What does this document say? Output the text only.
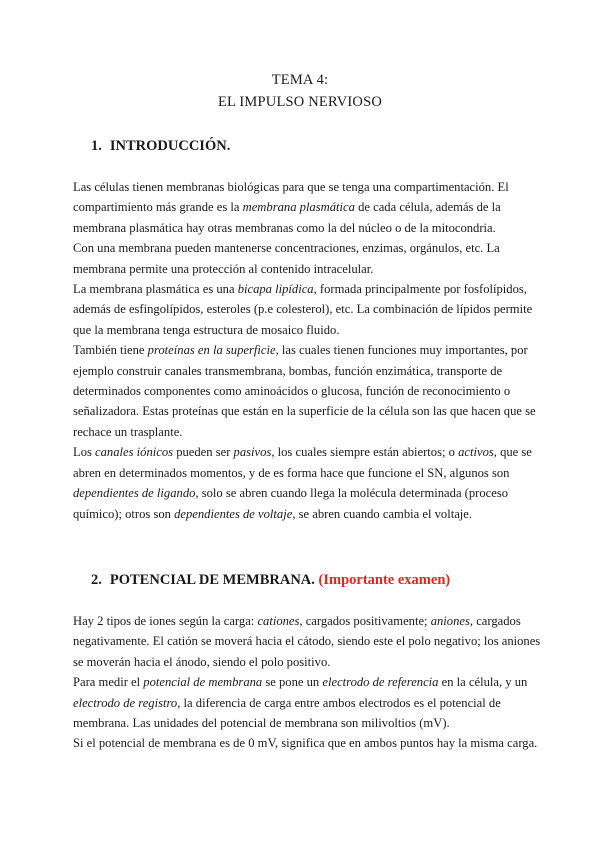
TEMA 4:
EL IMPULSO NERVIOSO
1. INTRODUCCIÓN.

Las células tienen membranas biológicas para que se tenga una compartimentación. El

compartimiento más grande es la membrana plasmática de cada célula, además de la

membrana plasmática hay otras membranas como la del núcleo o de la mitocondria.

Con una membrana pueden mantenerse concentraciones, enzimas, orgánulos, etc. La

membrana permite una protección al contenido intracelular.

La membrana plasmática es una bicapa lipídica, formada principalmente por fosfolípidos,

además de esfingolípidos, esteroles (p.e colesterol), etc. La combinación de lípidos permite

que la membrana tenga estructura de mosaico fluido.

También tiene proteínas en la superficie, las cuales tienen funciones muy importantes, por

ejemplo construir canales transmembrana, bombas, función enzimática, transporte de

determinados componentes como aminoácidos o glucosa, función de reconocimiento o

señalizadora. Estas proteínas que están en la superficie de la célula son las que hacen que se

rechace un trasplante.

Los canales iónicos pueden ser pasivos, los cuales siempre están abiertos; o activos, que se

abren en determinados momentos, y de es forma hace que funcione el SN, algunos son

dependientes de ligando, solo se abren cuando llega la molécula determinada (proceso

químico); otros son dependientes de voltaje, se abren cuando cambia el voltaje.

2. POTENCIAL DE MEMBRANA. (Importante examen)

Hay 2 tipos de iones según la carga: cationes, cargados positivamente; aniones, cargados

negativamente. El catión se moverá hacia el cátodo, siendo este el polo negativo; los aniones

se moverán hacia el ánodo, siendo el polo positivo.

Para medir el potencial de membrana se pone un electrodo de referencia en la célula, y un

electrodo de registro, la diferencia de carga entre ambos electrodos es el potencial de

membrana. Las unidades del potencial de membrana son milivoltios (mV).

Si el potencial de membrana es de 0 mV, significa que en ambos puntos hay la misma carga.
